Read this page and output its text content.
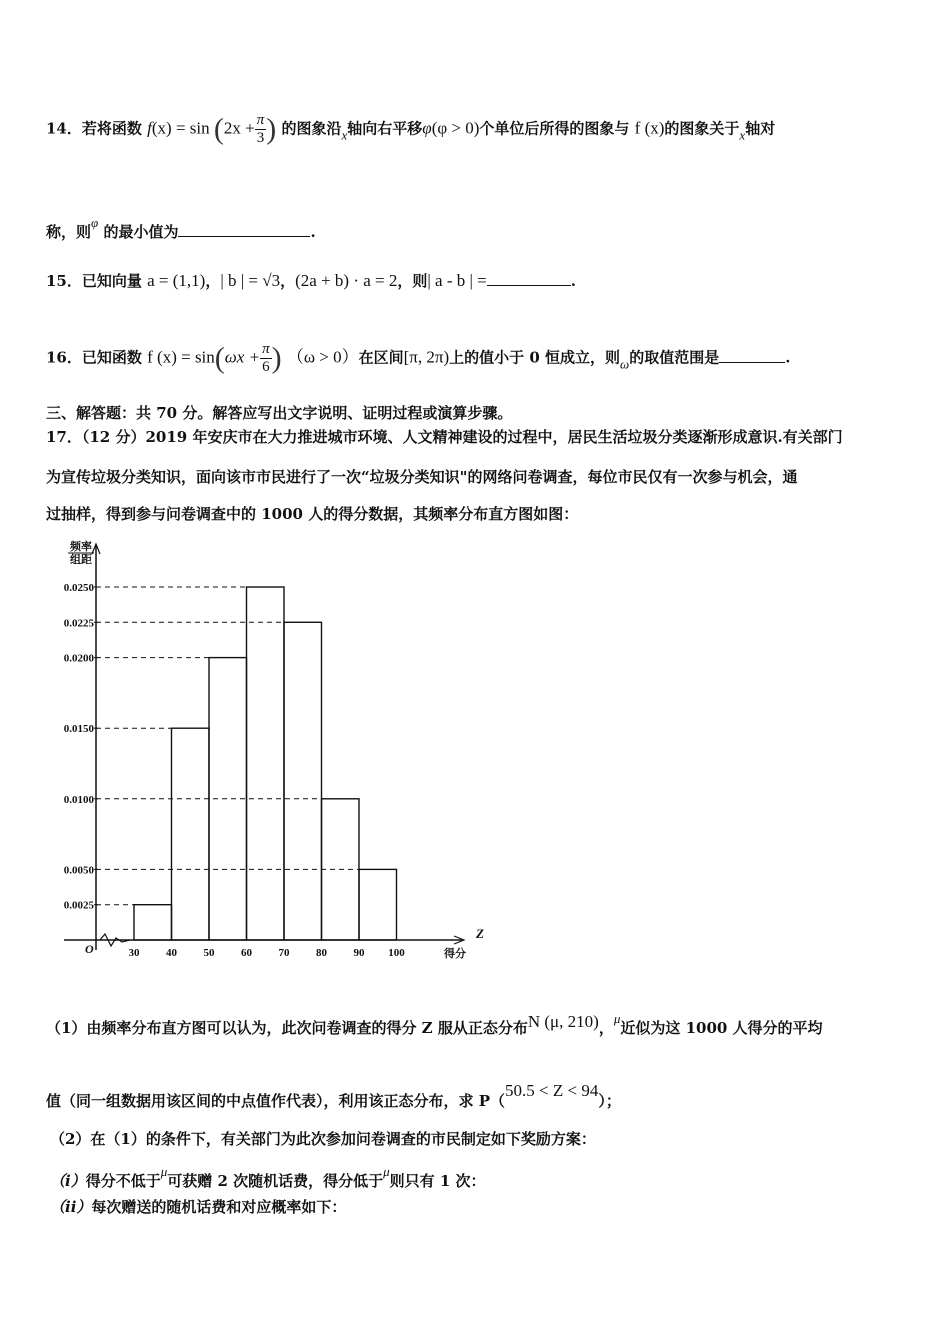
14．若将函数 $f(x) = \sin (2x + \frac{\pi}{3}$ ) 的图象沿x轴向右平移φ(φ > 0)个单位后所得的图象与 f (x)的图象关于x轴对
称，则φ 的最小值为	.
15．已知向量 a = (1,1)，| b | = √3，(2a + b) · a = 2，则| a - b | =	.
16．已知函数 f $(x) = \sin(\omega x + \frac{\pi}{6}$ ) （ω > 0）在区间[π, 2π)上的值小于 0 恒成立，则ω的取值范围是	.
三、解答题：共 70 分。解答应写出文字说明、证明过程或演算步骤。
17．（12 分）2019 年安庆市在大力推进城市环境、人文精神建设的过程中，居民生活垃圾分类逐渐形成意识.有关部门
为宣传垃圾分类知识，面向该市市民进行了一次“垃圾分类知识"的网络问卷调查，每位市民仅有一次参与机会，通
过抽样，得到参与问卷调查中的 1000 人的得分数据，其频率分布直方图如图：
频率
组距
O
0.0025
0.0050
0.0100
0.0150
0.0200
0.0225
0.0250
30 40 50 60 70 80 90 100
Z
得分
（1）由频率分布直方图可以认为，此次问卷调查的得分 Z 服从正态分布N (μ, 210)，μ近似为这 1000 人得分的平均
值（同一组数据用该区间的中点值作代表），利用该正态分布，求 P（50.5 < Z < 94）；
（2）在（1）的条件下，有关部门为此次参加问卷调查的市民制定如下奖励方案：
（i）得分不低于μ可获赠 2 次随机话费，得分低于μ则只有 1 次：
（ii）每次赠送的随机话费和对应概率如下：
